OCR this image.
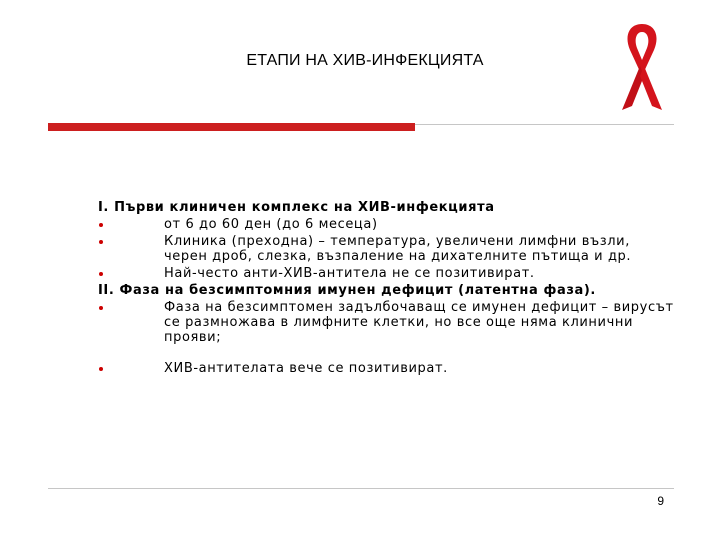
ЕТАПИ НА ХИВ-ИНФЕКЦИЯТА
I. Първи клиничен комплекс на ХИВ-инфекцията
от 6 до 60 ден (до 6 месеца)
Клиника (преходна) – температура, увеличени лимфни възли, черен дроб, слезка, възпаление на дихателните пътища и др.
Най-често анти-ХИВ-антитела не се позитивират.
II. Фаза на безсимптомния имунен дефицит (латентна фаза).
Фаза на безсимптомен задълбочаващ се имунен дефицит – вирусът се размножава в лимфните клетки, но все още няма клинични прояви;
ХИВ-антителата вече се позитивират.
9
